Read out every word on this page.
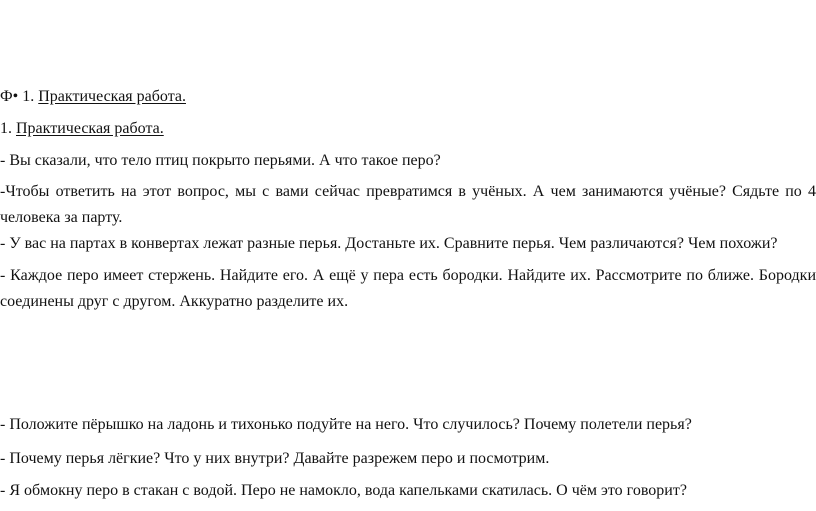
Ф• 1. Практическая работа.
1. Практическая работа.
- Вы сказали, что тело птиц покрыто перьями. А что такое перо?
-Чтобы ответить на этот вопрос, мы с вами сейчас превратимся в учёных. А чем занимаются учёные? Сядьте по 4 человека за парту.
- У вас на партах в конвертах лежат разные перья. Достаньте их. Сравните перья. Чем различаются? Чем похожи?
- Каждое перо имеет стержень. Найдите его. А ещё у пера есть бородки. Найдите их. Рассмотрите по ближе. Бородки соединены друг с другом. Аккуратно разделите их.
- Положите пёрышко на ладонь и тихонько подуйте на него. Что случилось? Почему полетели перья?
- Почему перья лёгкие? Что у них внутри? Давайте разрежем перо и посмотрим.
- Я обмокну перо в стакан с водой. Перо не намокло, вода капельками скатилась. О чём это говорит?
